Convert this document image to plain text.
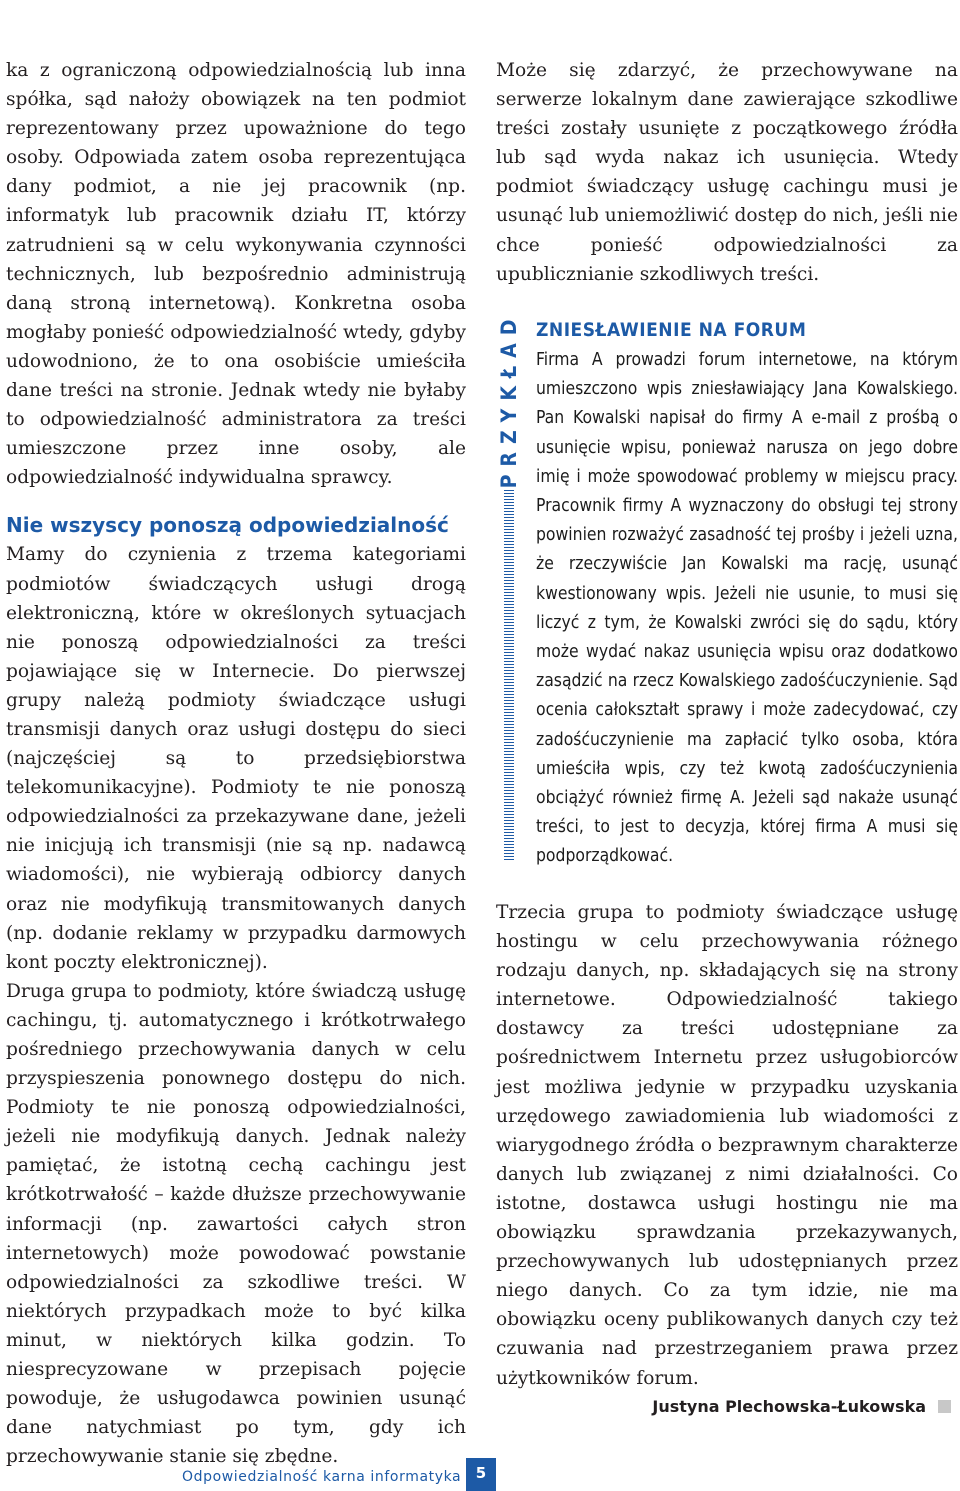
ka z ograniczoną odpowiedzialnością lub inna spółka, sąd nałoży obowiązek na ten podmiot reprezentowany przez upoważnione do tego osoby. Odpowiada zatem osoba reprezentująca dany podmiot, a nie jej pracownik (np. informatyk lub pracownik działu IT, którzy zatrudnieni są w celu wykonywania czynności technicznych, lub bezpośrednio administrują daną stroną internetową). Konkretna osoba mogłaby ponieść odpowiedzialność wtedy, gdyby udowodniono, że to ona osobiście umieściła dane treści na stronie. Jednak wtedy nie byłaby to odpowiedzialność administratora za treści umieszczone przez inne osoby, ale odpowiedzialność indywidualna sprawcy.

Nie wszyscy ponoszą odpowiedzialność

Mamy do czynienia z trzema kategoriami podmiotów świadczących usługi drogą elektroniczną, które w określonych sytuacjach nie ponoszą odpowiedzialności za treści pojawiające się w Internecie. Do pierwszej grupy należą podmioty świadczące usługi transmisji danych oraz usługi dostępu do sieci (najczęściej są to przedsiębiorstwa telekomunikacyjne). Podmioty te nie ponoszą odpowiedzialności za przekazywane dane, jeżeli nie inicjują ich transmisji (nie są np. nadawcą wiadomości), nie wybierają odbiorcy danych oraz nie modyfikują transmitowanych danych (np. dodanie reklamy w przypadku darmowych kont poczty elektronicznej).

Druga grupa to podmioty, które świadczą usługę cachingu, tj. automatycznego i krótkotrwałego pośredniego przechowywania danych w celu przyspieszenia ponownego dostępu do nich. Podmioty te nie ponoszą odpowiedzialności, jeżeli nie modyfikują danych. Jednak należy pamiętać, że istotną cechą cachingu jest krótkotrwałość – każde dłuższe przechowywanie informacji (np. zawartości całych stron internetowych) może powodować powstanie odpowiedzialności za szkodliwe treści. W niektórych przypadkach może to być kilka minut, w niektórych kilka godzin. To niesprecyzowane w przepisach pojęcie powoduje, że usługodawca powinien usunąć dane natychmiast po tym, gdy ich przechowywanie stanie się zbędne.

Może się zdarzyć, że przechowywane na serwerze lokalnym dane zawierające szkodliwe treści zostały usunięte z początkowego źródła lub sąd wyda nakaz ich usunięcia. Wtedy podmiot świadczący usługę cachingu musi je usunąć lub uniemożliwić dostęp do nich, jeśli nie chce ponieść odpowiedzialności za upublicznianie szkodliwych treści.

PRZYKŁAD ZNIESŁAWIENIE NA FORUM

Firma A prowadzi forum internetowe, na którym umieszczono wpis zniesławiający Jana Kowalskiego. Pan Kowalski napisał do firmy A e-mail z prośbą o usunięcie wpisu, ponieważ narusza on jego dobre imię i może spowodować problemy w miejscu pracy. Pracownik firmy A wyznaczony do obsługi tej strony powinien rozważyć zasadność tej prośby i jeżeli uzna, że rzeczywiście Jan Kowalski ma rację, usunąć kwestionowany wpis. Jeżeli nie usunie, to musi się liczyć z tym, że Kowalski zwróci się do sądu, który może wydać nakaz usunięcia wpisu oraz dodatkowo zasądzić na rzecz Kowalskiego zadośćuczynienie. Sąd ocenia całokształt sprawy i może zadecydować, czy zadośćuczynienie ma zapłacić tylko osoba, która umieściła wpis, czy też kwotą zadośćuczynienia obciążyć również firmę A. Jeżeli sąd nakaże usunąć treści, to jest to decyzja, której firma A musi się podporządkować.

Trzecia grupa to podmioty świadczące usługę hostingu w celu przechowywania różnego rodzaju danych, np. składających się na strony internetowe. Odpowiedzialność takiego dostawcy za treści udostępniane za pośrednictwem Internetu przez usługobiorców jest możliwa jedynie w przypadku uzyskania urzędowego zawiadomienia lub wiadomości z wiarygodnego źródła o bezprawnym charakterze danych lub związanej z nimi działalności. Co istotne, dostawca usługi hostingu nie ma obowiązku sprawdzania przekazywanych, przechowywanych lub udostępnianych przez niego danych. Co za tym idzie, nie ma obowiązku oceny publikowanych danych czy też czuwania nad przestrzeganiem prawa przez użytkowników forum.

Justyna Plechowska-Łukowska
Odpowiedzialność karna informatyka 5
